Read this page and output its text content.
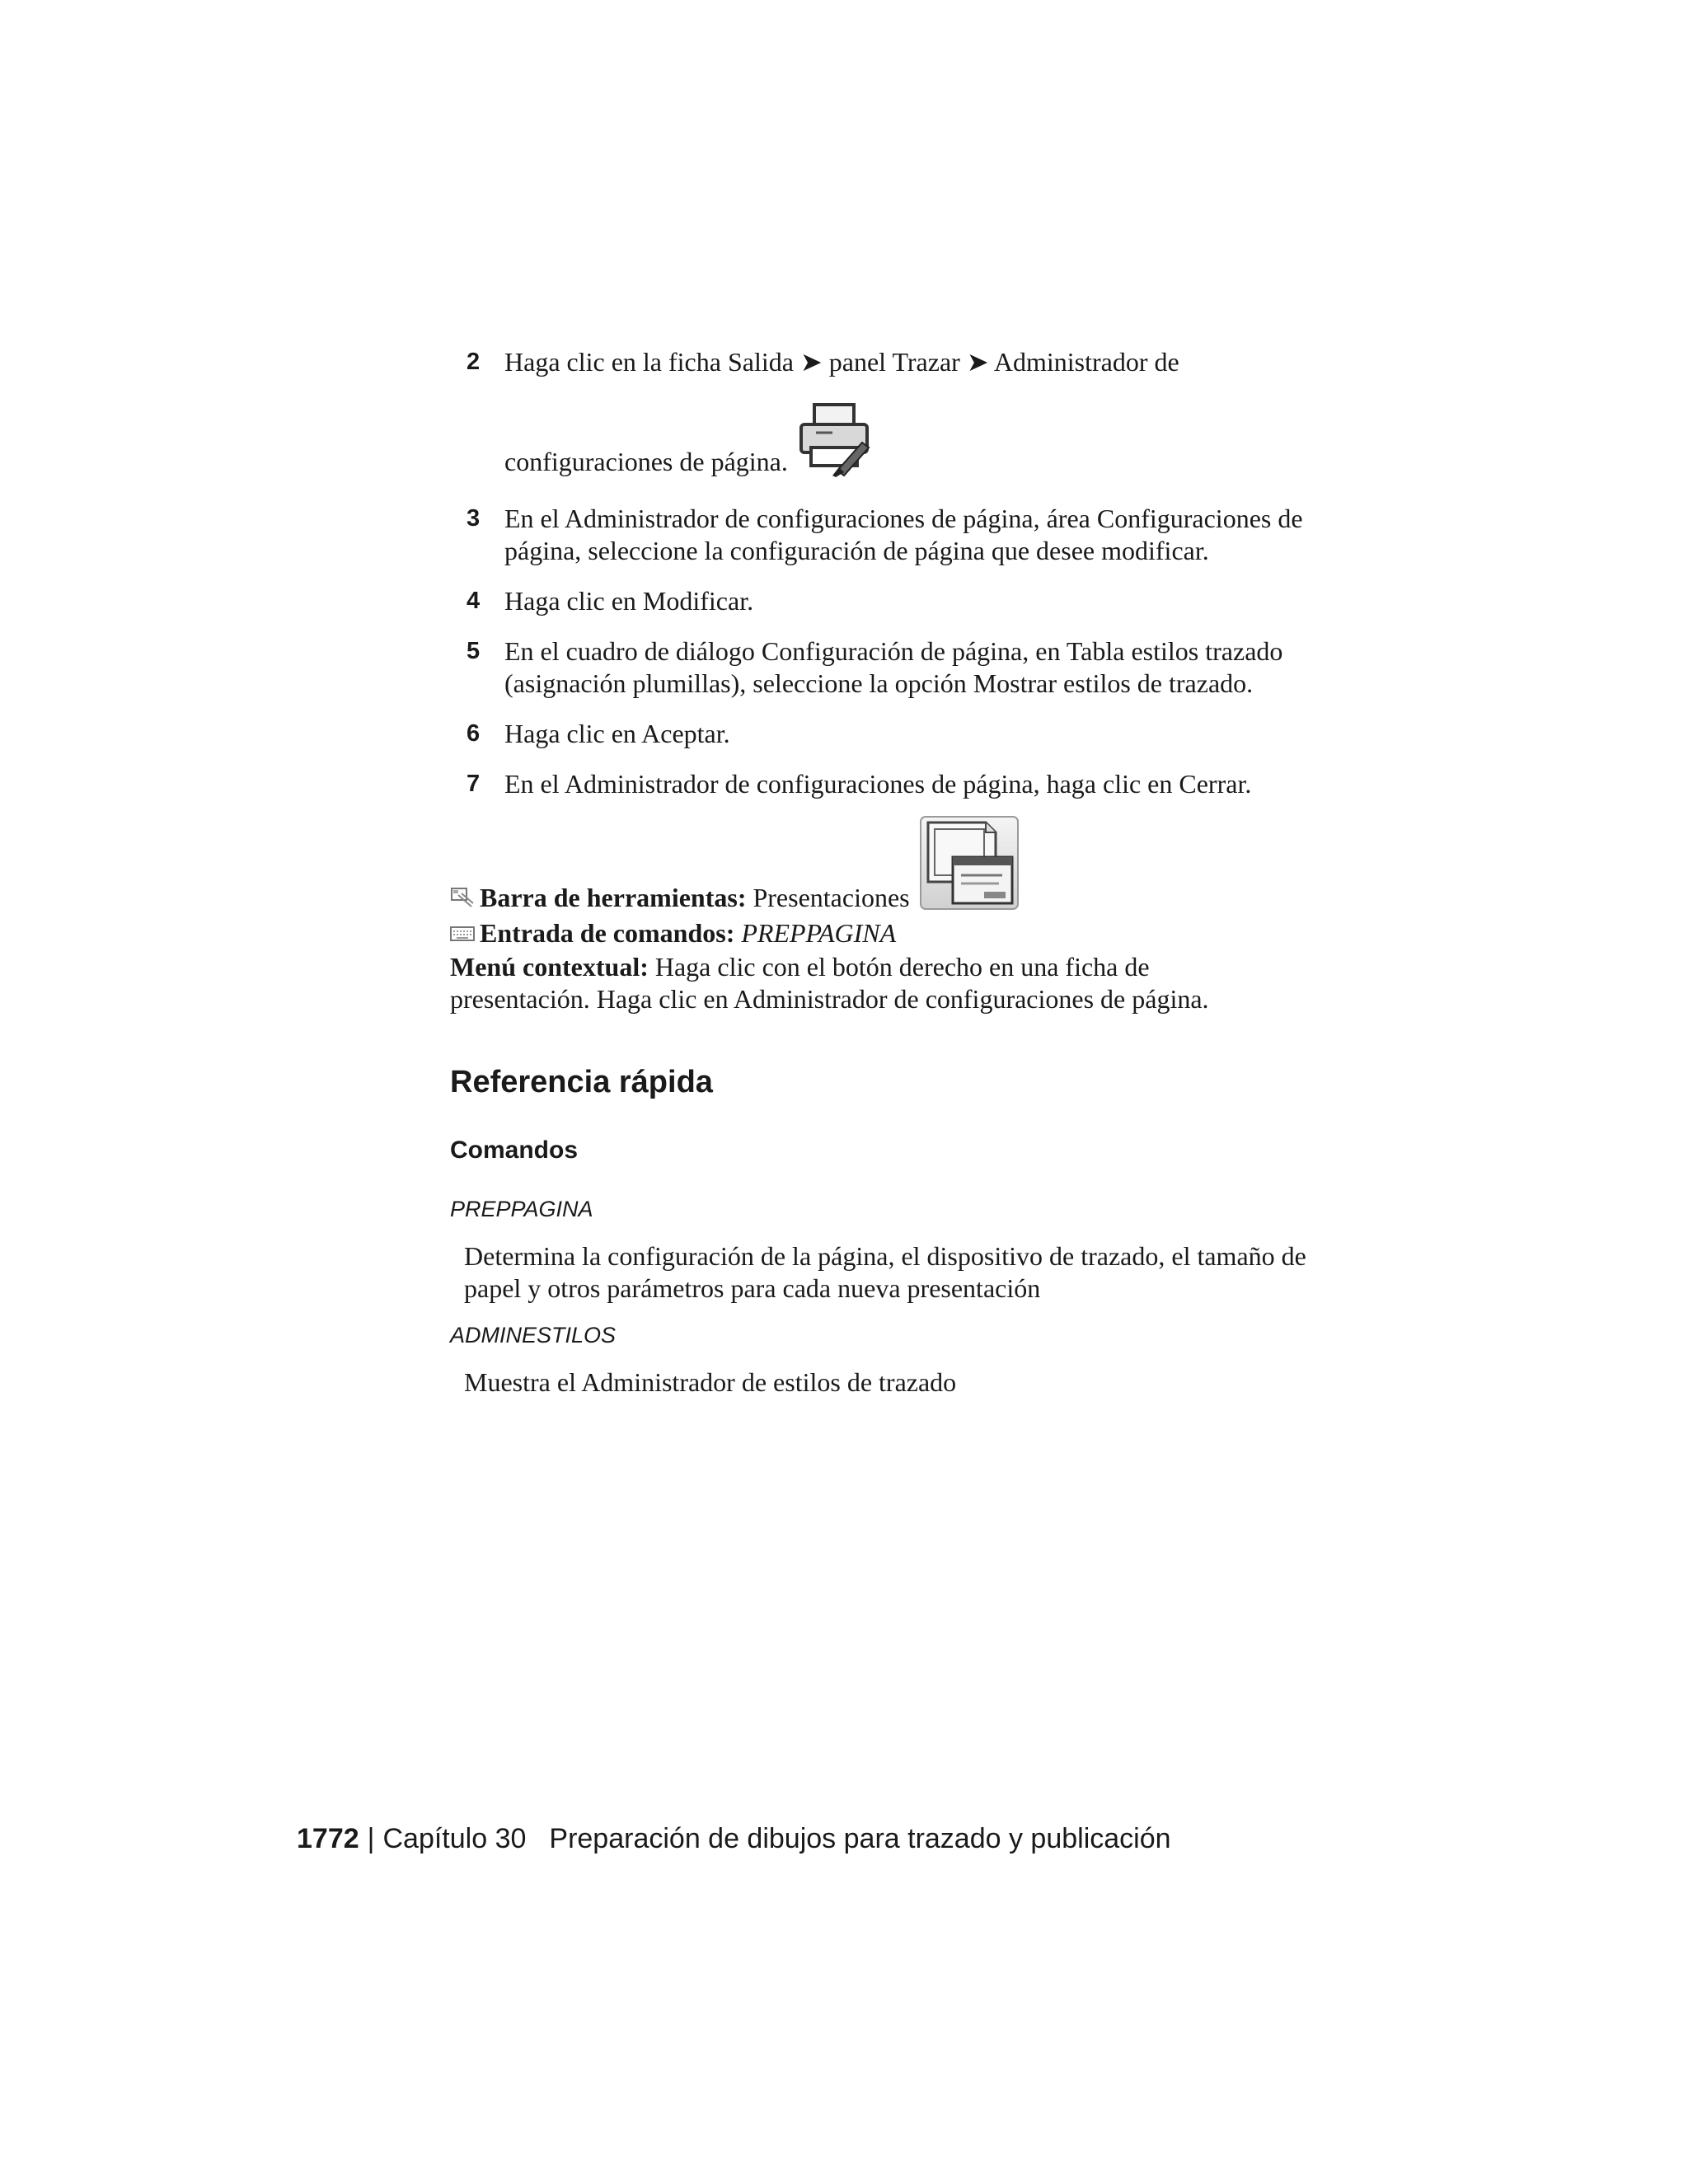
2 Haga clic en la ficha Salida ➤ panel Trazar ➤ Administrador de
configuraciones de página.
3 En el Administrador de configuraciones de página, área Configuraciones de página, seleccione la configuración de página que desee modificar.
4 Haga clic en Modificar.
5 En el cuadro de diálogo Configuración de página, en Tabla estilos trazado (asignación plumillas), seleccione la opción Mostrar estilos de trazado.
6 Haga clic en Aceptar.
7 En el Administrador de configuraciones de página, haga clic en Cerrar.
Barra de herramientas: Presentaciones
Entrada de comandos: PREPPAGINA
Menú contextual: Haga clic con el botón derecho en una ficha de
presentación. Haga clic en Administrador de configuraciones de página.
Referencia rápida
Comandos
PREPPAGINA
Determina la configuración de la página, el dispositivo de trazado, el tamaño de papel y otros parámetros para cada nueva presentación
ADMINESTILOS
Muestra el Administrador de estilos de trazado
1772 | Capítulo 30 Preparación de dibujos para trazado y publicación
